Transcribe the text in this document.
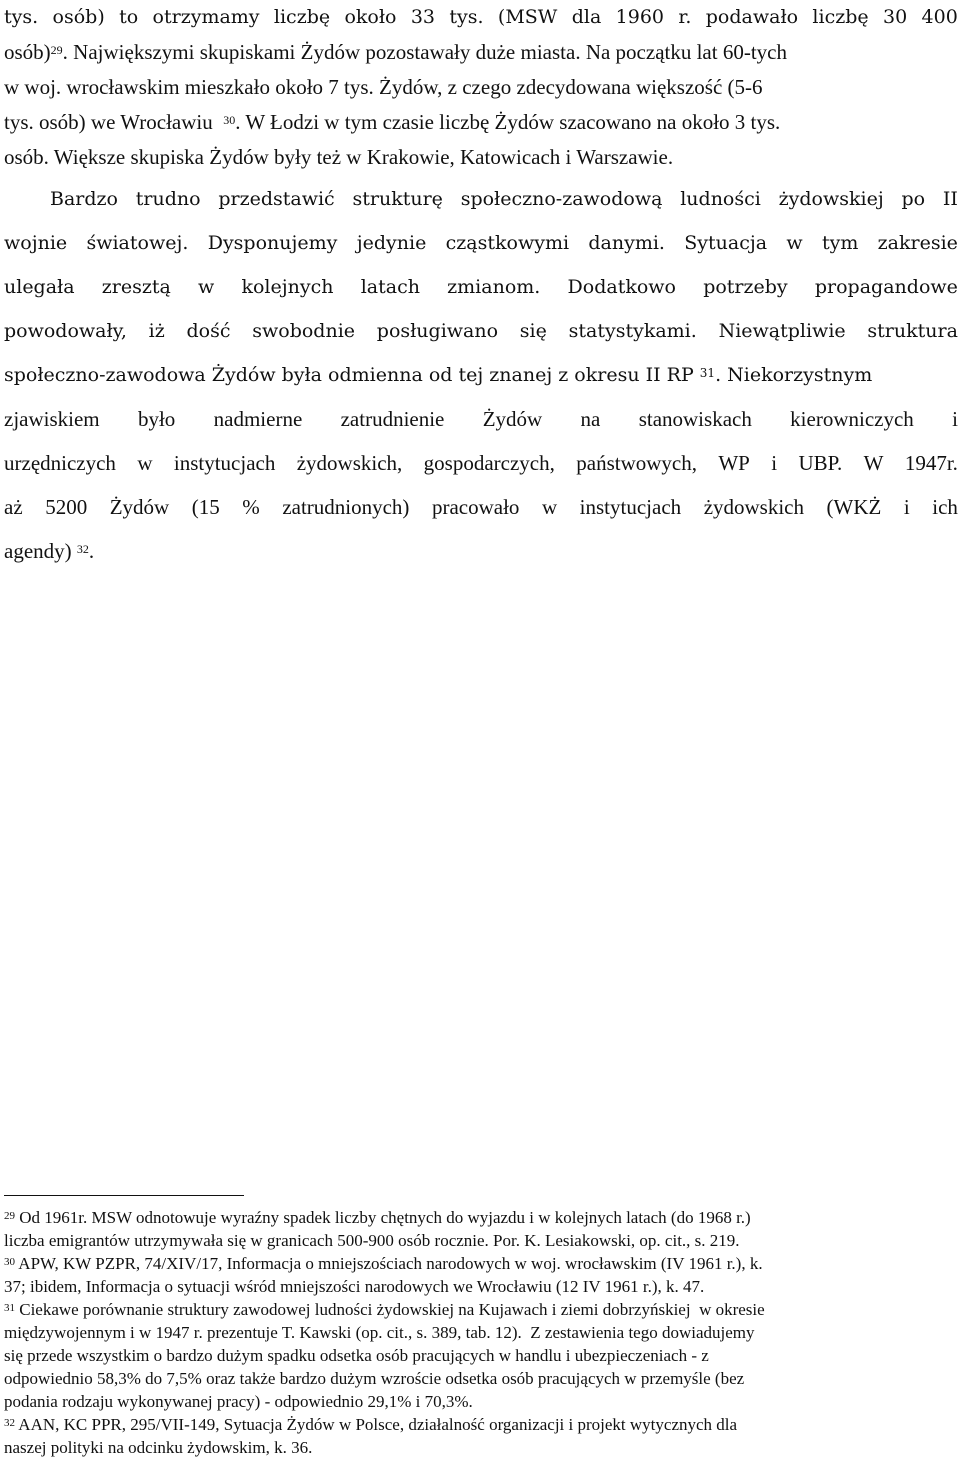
tys. osób) to otrzymamy liczbę około 33 tys. (MSW dla 1960 r. podawało liczbę 30 400
osób)$^{29}$. Największymi skupiskami Żydów pozostawały duże miasta. Na początku lat 60-tych
w woj. wrocławskim mieszkało około 7 tys. Żydów, z czego zdecydowana większość (5-6
tys. osób) we Wrocławiu  $^{30}$. W Łodzi w tym czasie liczbę Żydów szacowano na około 3 tys.
osób. Większe skupiska Żydów były też w Krakowie, Katowicach i Warszawie.
Bardzo trudno przedstawić strukturę społeczno-zawodową ludności żydowskiej po II
wojnie światowej. Dysponujemy jedynie cząstkowymi danymi. Sytuacja w tym zakresie
ulegała zresztą w kolejnych latach zmianom. Dodatkowo potrzeby propagandowe
powodowały, iż dość swobodnie posługiwano się statystykami. Niewątpliwie struktura
społeczno-zawodowa Żydów była odmienna od tej znanej z okresu II RP $^{31}$. Niekorzystnym
zjawiskiem było nadmierne zatrudnienie Żydów na stanowiskach kierowniczych i
urzędniczych w instytucjach żydowskich, gospodarczych, państwowych, WP i UBP. W 1947r.
aż 5200 Żydów (15 % zatrudnionych) pracowało w instytucjach żydowskich (WKŻ i ich
agendy) $^{32}$.
$^{29}$ Od 1961r. MSW odnotowuje wyraźny spadek liczby chętnych do wyjazdu i w kolejnych latach (do 1968 r.)
liczba emigrantów utrzymywała się w granicach 500-900 osób rocznie. Por. K. Lesiakowski, op. cit., s. 219.
$^{30}$ APW, KW PZPR, 74/XIV/17, Informacja o mniejszościach narodowych w woj. wrocławskim (IV 1961 r.), k.
37; ibidem, Informacja o sytuacji wśród mniejszości narodowych we Wrocławiu (12 IV 1961 r.), k. 47.
$^{31}$ Ciekawe porównanie struktury zawodowej ludności żydowskiej na Kujawach i ziemi dobrzyńskiej  w okresie
międzywojennym i w 1947 r. prezentuje T. Kawski (op. cit., s. 389, tab. 12).  Z zestawienia tego dowiadujemy
się przede wszystkim o bardzo dużym spadku odsetka osób pracujących w handlu i ubezpieczeniach - z
odpowiednio 58,3% do 7,5% oraz także bardzo dużym wzroście odsetka osób pracujących w przemyśle (bez
podania rodzaju wykonywanej pracy) - odpowiednio 29,1% i 70,3%.
$^{32}$ AAN, KC PPR, 295/VII-149, Sytuacja Żydów w Polsce, działalność organizacji i projekt wytycznych dla
naszej polityki na odcinku żydowskim, k. 36.
